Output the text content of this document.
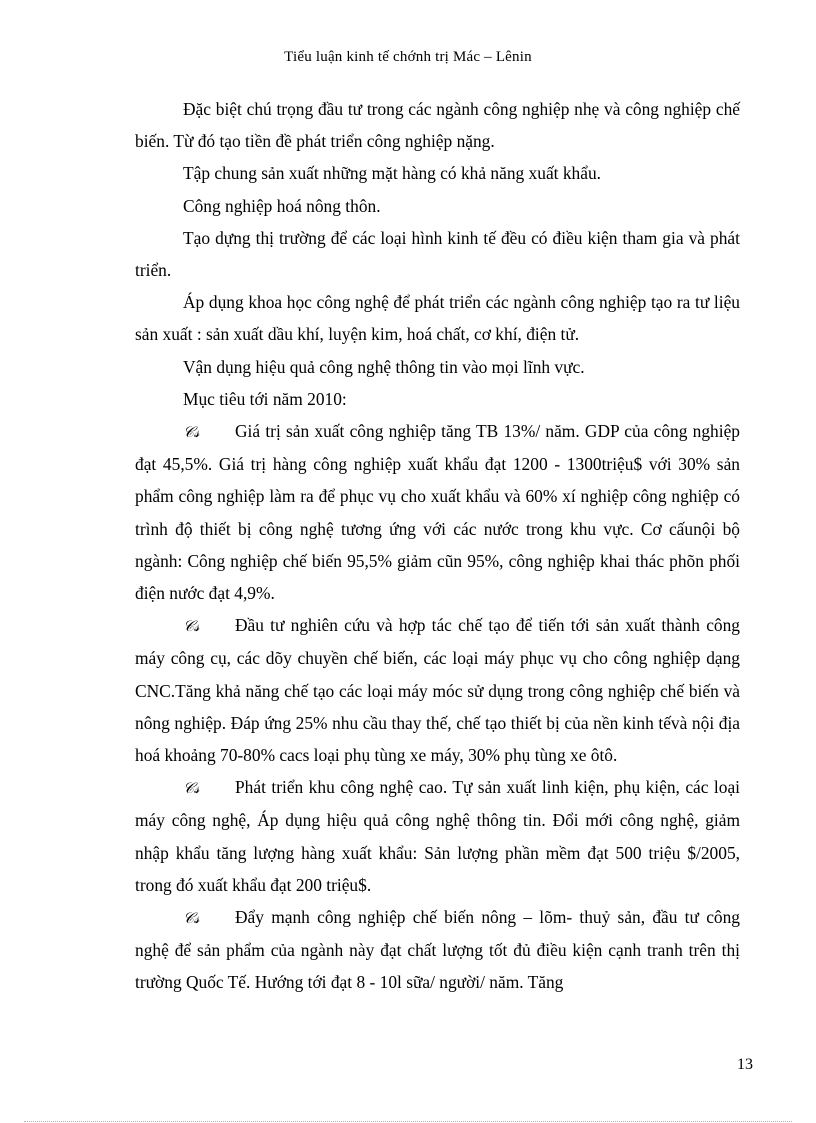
Tiểu luận kinh tế chớnh trị Mác – Lênin

Đặc biệt chú trọng đầu tư trong các ngành công nghiệp nhẹ và công nghiệp chế biến. Từ đó tạo tiền đề phát triển công nghiệp nặng.

Tập chung sản xuất những mặt hàng có khả năng xuất khẩu.

Công nghiệp hoá nông thôn.

Tạo dựng thị trường để các loại hình kinh tế đều có điều kiện tham gia và phát triển.

Áp dụng khoa học công nghệ để phát triển các ngành công nghiệp tạo ra tư liệu sản xuất : sản xuất dầu khí, luyện kim, hoá chất, cơ khí, điện tử.

Vận dụng hiệu quả công nghệ thông tin vào mọi lĩnh vực.

Mục tiêu tới năm 2010:

𝒞𝓈 Giá trị sản xuất công nghiệp tăng TB 13%/ năm. GDP của công nghiệp đạt 45,5%. Giá trị hàng công nghiệp xuất khẩu đạt 1200 - 1300triệu$ với 30% sản phẩm công nghiệp làm ra để phục vụ cho xuất khẩu và 60% xí nghiệp công nghiệp có trình độ thiết bị công nghệ tương ứng với các nước trong khu vực. Cơ cấunội bộ ngành: Công nghiệp chế biến 95,5% giảm cũn 95%, công nghiệp khai thác phõn phối điện nước đạt 4,9%.

𝒞𝓈 Đầu tư nghiên cứu và hợp tác chế tạo để tiến tới sản xuất thành công máy công cụ, các dõy chuyền chế biến, các loại máy phục vụ cho công nghiệp dạng CNC.Tăng khả năng chế tạo các loại máy móc sử dụng trong công nghiệp chế biến và nông nghiệp. Đáp ứng 25% nhu cầu thay thế, chế tạo thiết bị của nền kinh tếvà nội địa hoá khoảng 70-80% cacs loại phụ tùng xe máy, 30% phụ tùng xe ôtô.

𝒞𝓈 Phát triển khu công nghệ cao. Tự sản xuất linh kiện, phụ kiện, các loại máy công nghệ, Áp dụng hiệu quả công nghệ thông tin. Đổi mới công nghệ, giảm nhập khẩu tăng lượng hàng xuất khẩu: Sản lượng phần mềm đạt 500 triệu $/2005, trong đó xuất khẩu đạt 200 triệu$.

𝒞𝓈 Đẩy mạnh công nghiệp chế biến nông – lõm- thuỷ sản, đầu tư công nghệ để sản phẩm của ngành này đạt chất lượng tốt đủ điều kiện cạnh tranh trên thị trường Quốc Tế. Hướng tới đạt 8 - 10l sữa/ người/ năm. Tăng

13
